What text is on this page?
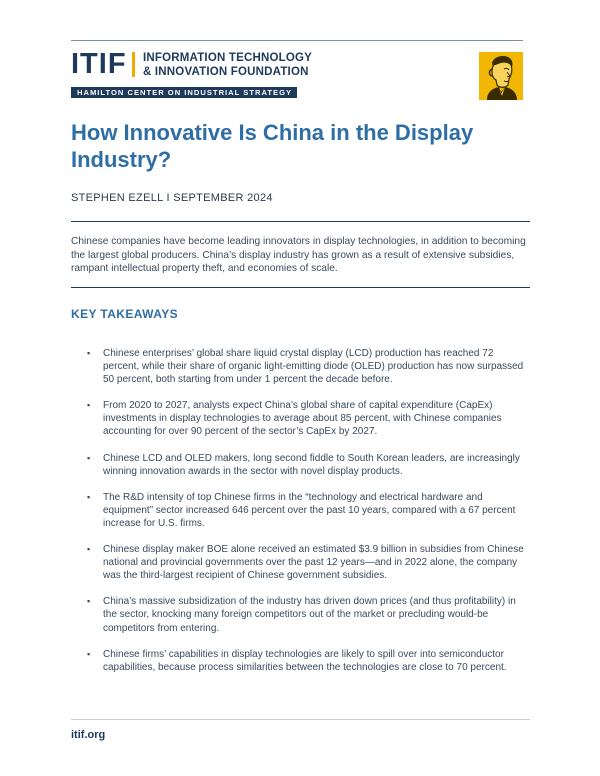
ITIF INFORMATION TECHNOLOGY
& INNOVATION FOUNDATION
HAMILTON CENTER ON INDUSTRIAL STRATEGY
How Innovative Is China in the Display Industry?

STEPHEN EZELL I SEPTEMBER 2024

Chinese companies have become leading innovators in display technologies, in addition to becoming the largest global producers. China’s display industry has grown as a result of extensive subsidies, rampant intellectual property theft, and economies of scale.

KEY TAKEAWAYS
▪ Chinese enterprises’ global share liquid crystal display (LCD) production has reached 72 percent, while their share of organic light-emitting diode (OLED) production has now surpassed 50 percent, both starting from under 1 percent the decade before.
▪ From 2020 to 2027, analysts expect China’s global share of capital expenditure (CapEx) investments in display technologies to average about 85 percent, with Chinese companies accounting for over 90 percent of the sector’s CapEx by 2027.
▪ Chinese LCD and OLED makers, long second fiddle to South Korean leaders, are increasingly winning innovation awards in the sector with novel display products.
▪ The R&D intensity of top Chinese firms in the “technology and electrical hardware and equipment” sector increased 646 percent over the past 10 years, compared with a 67 percent increase for U.S. firms.
▪ Chinese display maker BOE alone received an estimated $3.9 billion in subsidies from Chinese national and provincial governments over the past 12 years—and in 2022 alone, the company was the third-largest recipient of Chinese government subsidies.
▪ China’s massive subsidization of the industry has driven down prices (and thus profitability) in the sector, knocking many foreign competitors out of the market or precluding would-be competitors from entering.
▪ Chinese firms’ capabilities in display technologies are likely to spill over into semiconductor capabilities, because process similarities between the technologies are close to 70 percent.
itif.org
